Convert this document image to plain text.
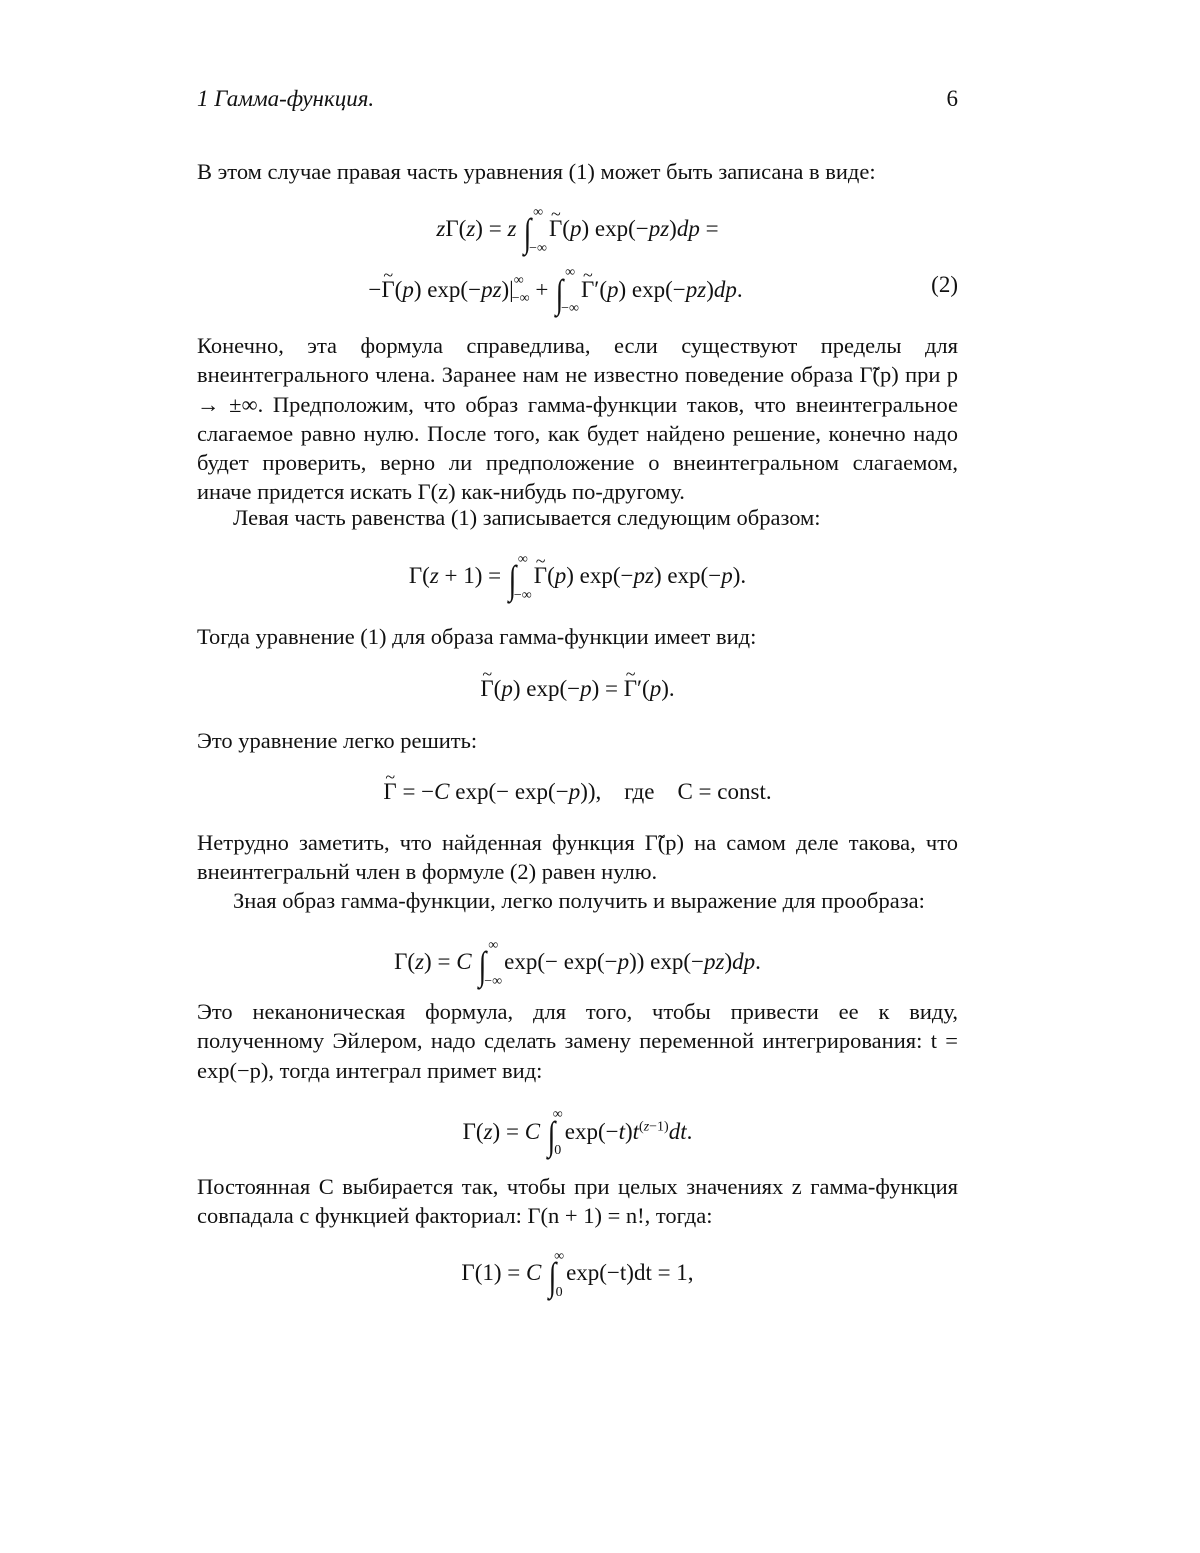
1 Гамма-функция.	6

В этом случае правая часть уравнения (1) может быть записана в виде:

zΓ(z) = z ∫ ∞
−∞
~ Γ(p) exp(−pz)dp =
−~ Γ(p) $\exp(-pz)|^\infty_{-\infty}$ + ∫ ∞
−∞
~ Γ′(p) exp(−pz)dp.	(2)

Конечно, эта формула справедлива, если существуют пределы для внеинтегрального члена. Заранее нам не известно поведение образа Γ̃(p) при p → ±∞. Предположим, что образ гамма-функции таков, что внеинтегральное слагаемое равно нулю. После того, как будет найдено решение, конечно надо будет проверить, верно ли предположение о внеинтегральном слагаемом, иначе придется искать Γ(z) как-нибудь по-другому.

Левая часть равенства (1) записывается следующим образом:

Γ(z + 1) = ∫ ∞
−∞
~ Γ(p) exp(−pz) exp(−p).

Тогда уравнение (1) для образа гамма-функции имеет вид:

~ Γ(p) exp(−p) = ~ Γ′(p).

Это уравнение легко решить:

~ Γ = −C exp(− exp(−p)),    где C = const.

Нетрудно заметить, что найденная функция Γ̃(p) на самом деле такова, что внеинтегральнй член в формуле (2) равен нулю.

Зная образ гамма-функции, легко получить и выражение для прообраза:

Γ(z) = C ∫ ∞
−∞
exp(− exp(−p)) exp(−pz)dp.

Это неканоническая формула, для того, чтобы привести ее к виду, полученному Эйлером, надо сделать замену переменной интегрирования: t = exp(−p), тогда интеграл примет вид:

Γ(z) = C ∫
∞
0
$\exp(-t)t^{(z-1)}dt$.

Постоянная C выбирается так, чтобы при целых значениях z гамма-функция совпадала с функцией факториал: Γ(n + 1) = n!, тогда:

Γ(1) = C ∫
∞
0
exp(−t)dt = 1,
